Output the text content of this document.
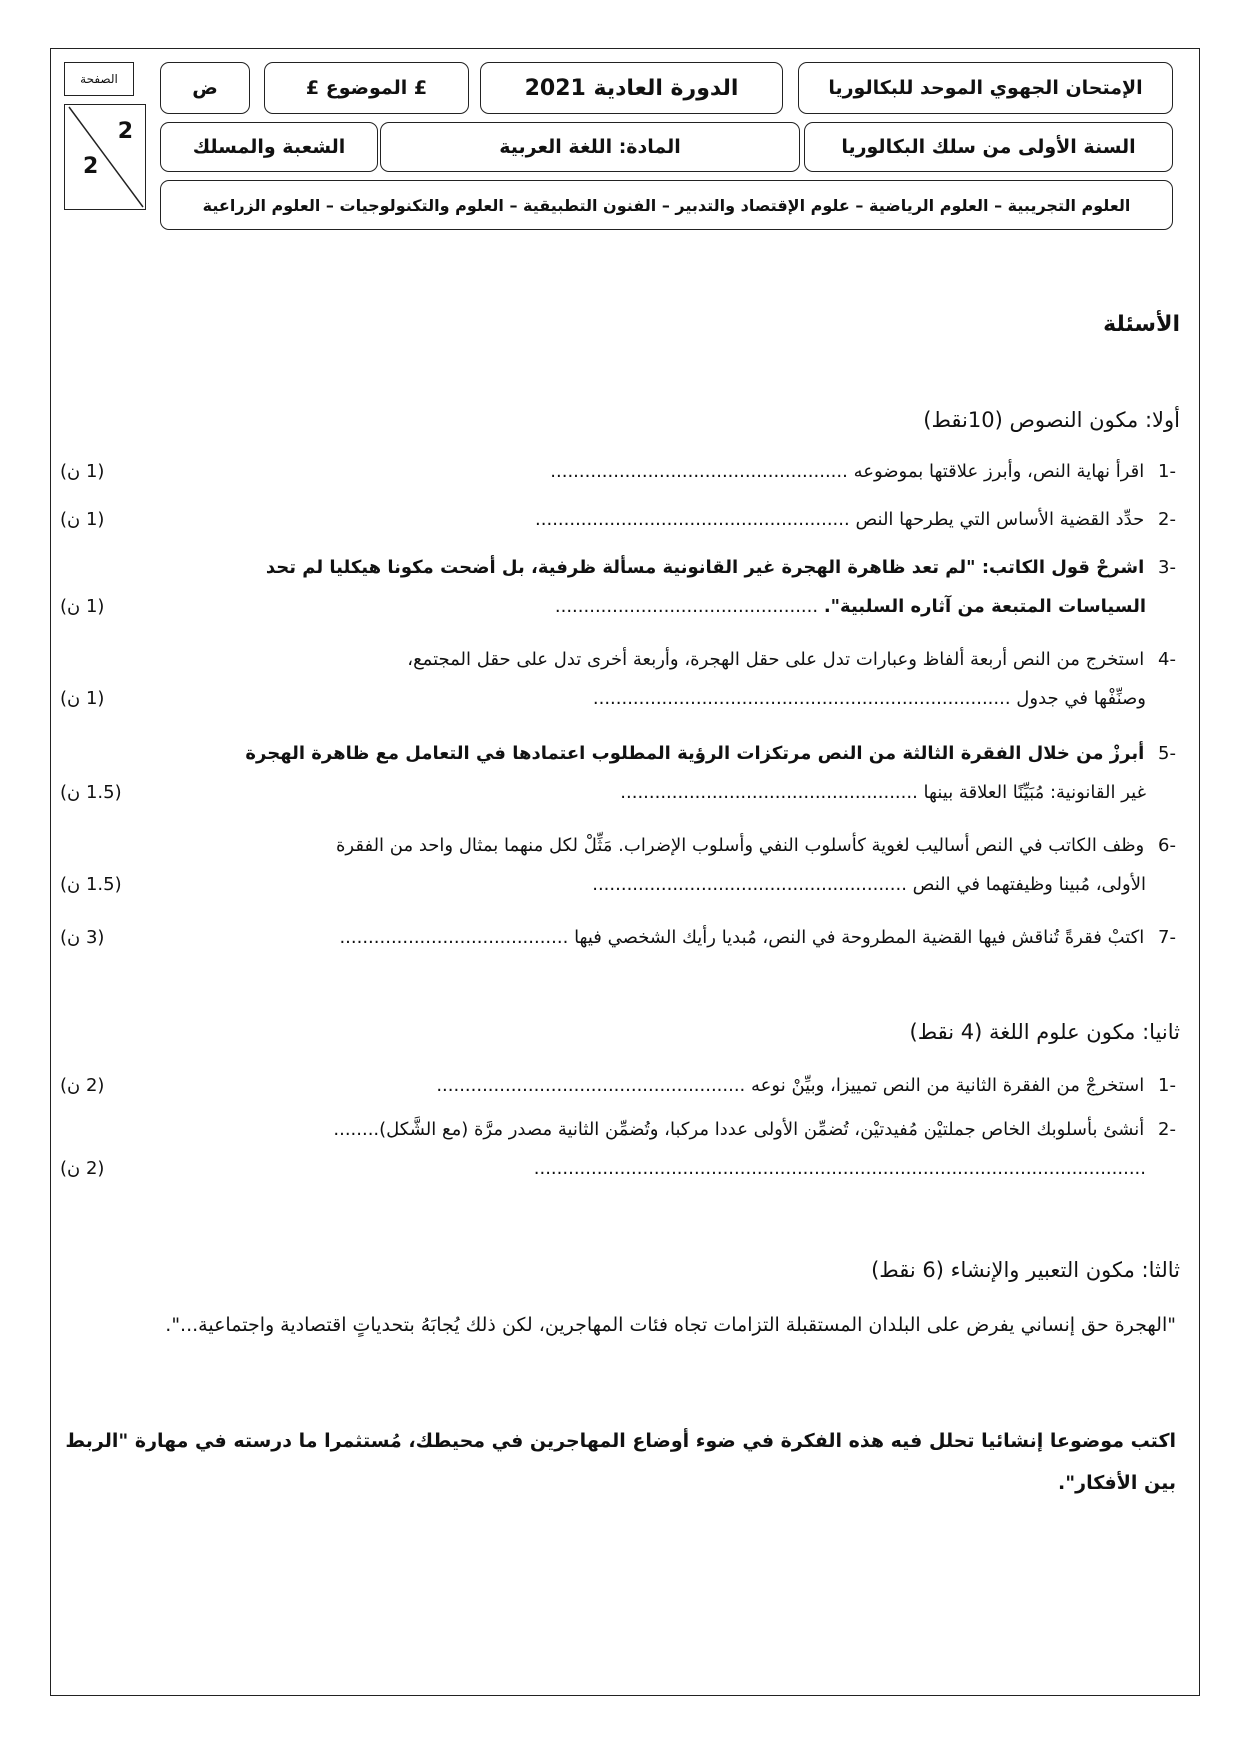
الصفحة	ض	£ الموضوع £	الدورة العادية 2021	الإمتحان الجهوي الموحد للبكالوريا
2
2
الشعبة والمسلك	المادة: اللغة العربية	السنة الأولى من سلك البكالوريا
العلوم التجريبية – العلوم الرياضية – علوم الإقتصاد والتدبير – الفنون التطبيقية – العلوم والتكنولوجيات – العلوم الزراعية
الأسئلة
أولا: مكون النصوص (10نقط)
-1 اقرأ نهاية النص، وأبرز علاقتها بموضوعه ....................................................
(1 ن)
-2 حدِّد القضية الأساس التي يطرحها النص .......................................................
(1 ن)
-3 اشرحْ قول الكاتب: "لم تعد ظاهرة الهجرة غير القانونية مسألة ظرفية، بل أضحت مكونا هيكليا لم تحد
السياسات المتبعة من آثاره السلبية". ..............................................
(1 ن)
-4 استخرج من النص أربعة ألفاظ وعبارات تدل على حقل الهجرة، وأربعة أخرى تدل على حقل المجتمع،
وصنِّفْها في جدول .........................................................................
(1 ن)
-5 أبرزْ من خلال الفقرة الثالثة من النص مرتكزات الرؤية المطلوب اعتمادها في التعامل مع ظاهرة الهجرة
غير القانونية: مُبَيِّنًا العلاقة بينها ....................................................
(1.5 ن)
-6 وظف الكاتب في النص أساليب لغوية كأسلوب النفي وأسلوب الإضراب. مَثِّلْ لكل منهما بمثال واحد من الفقرة
الأولى، مُبينا وظيفتهما في النص .......................................................
(1.5 ن)
-7 اكتبْ فقرةً تُناقش فيها القضية المطروحة في النص، مُبديا رأيك الشخصي فيها ........................................
(3 ن)
ثانيا: مكون علوم اللغة (4 نقط)
-1 استخرجْ من الفقرة الثانية من النص تمييزا، وبيِّنْ نوعه ......................................................
(2 ن)
-2 أنشئ بأسلوبك الخاص جملتيْن مُفيدتيْن، تُضمِّن الأولى عددا مركبا، وتُضمِّن الثانية مصدر مرَّة (مع الشَّكل)........
...........................................................................................................
(2 ن)
ثالثا: مكون التعبير والإنشاء (6 نقط)
"الهجرة حق إنساني يفرض على البلدان المستقبلة التزامات تجاه فئات المهاجرين، لكن ذلك يُجابَهُ بتحدياتٍ اقتصادية واجتماعية...".
اكتب موضوعا إنشائيا تحلل فيه هذه الفكرة في ضوء أوضاع المهاجرين في محيطك، مُستثمرا ما درسته في مهارة "الربط بين الأفكار".
